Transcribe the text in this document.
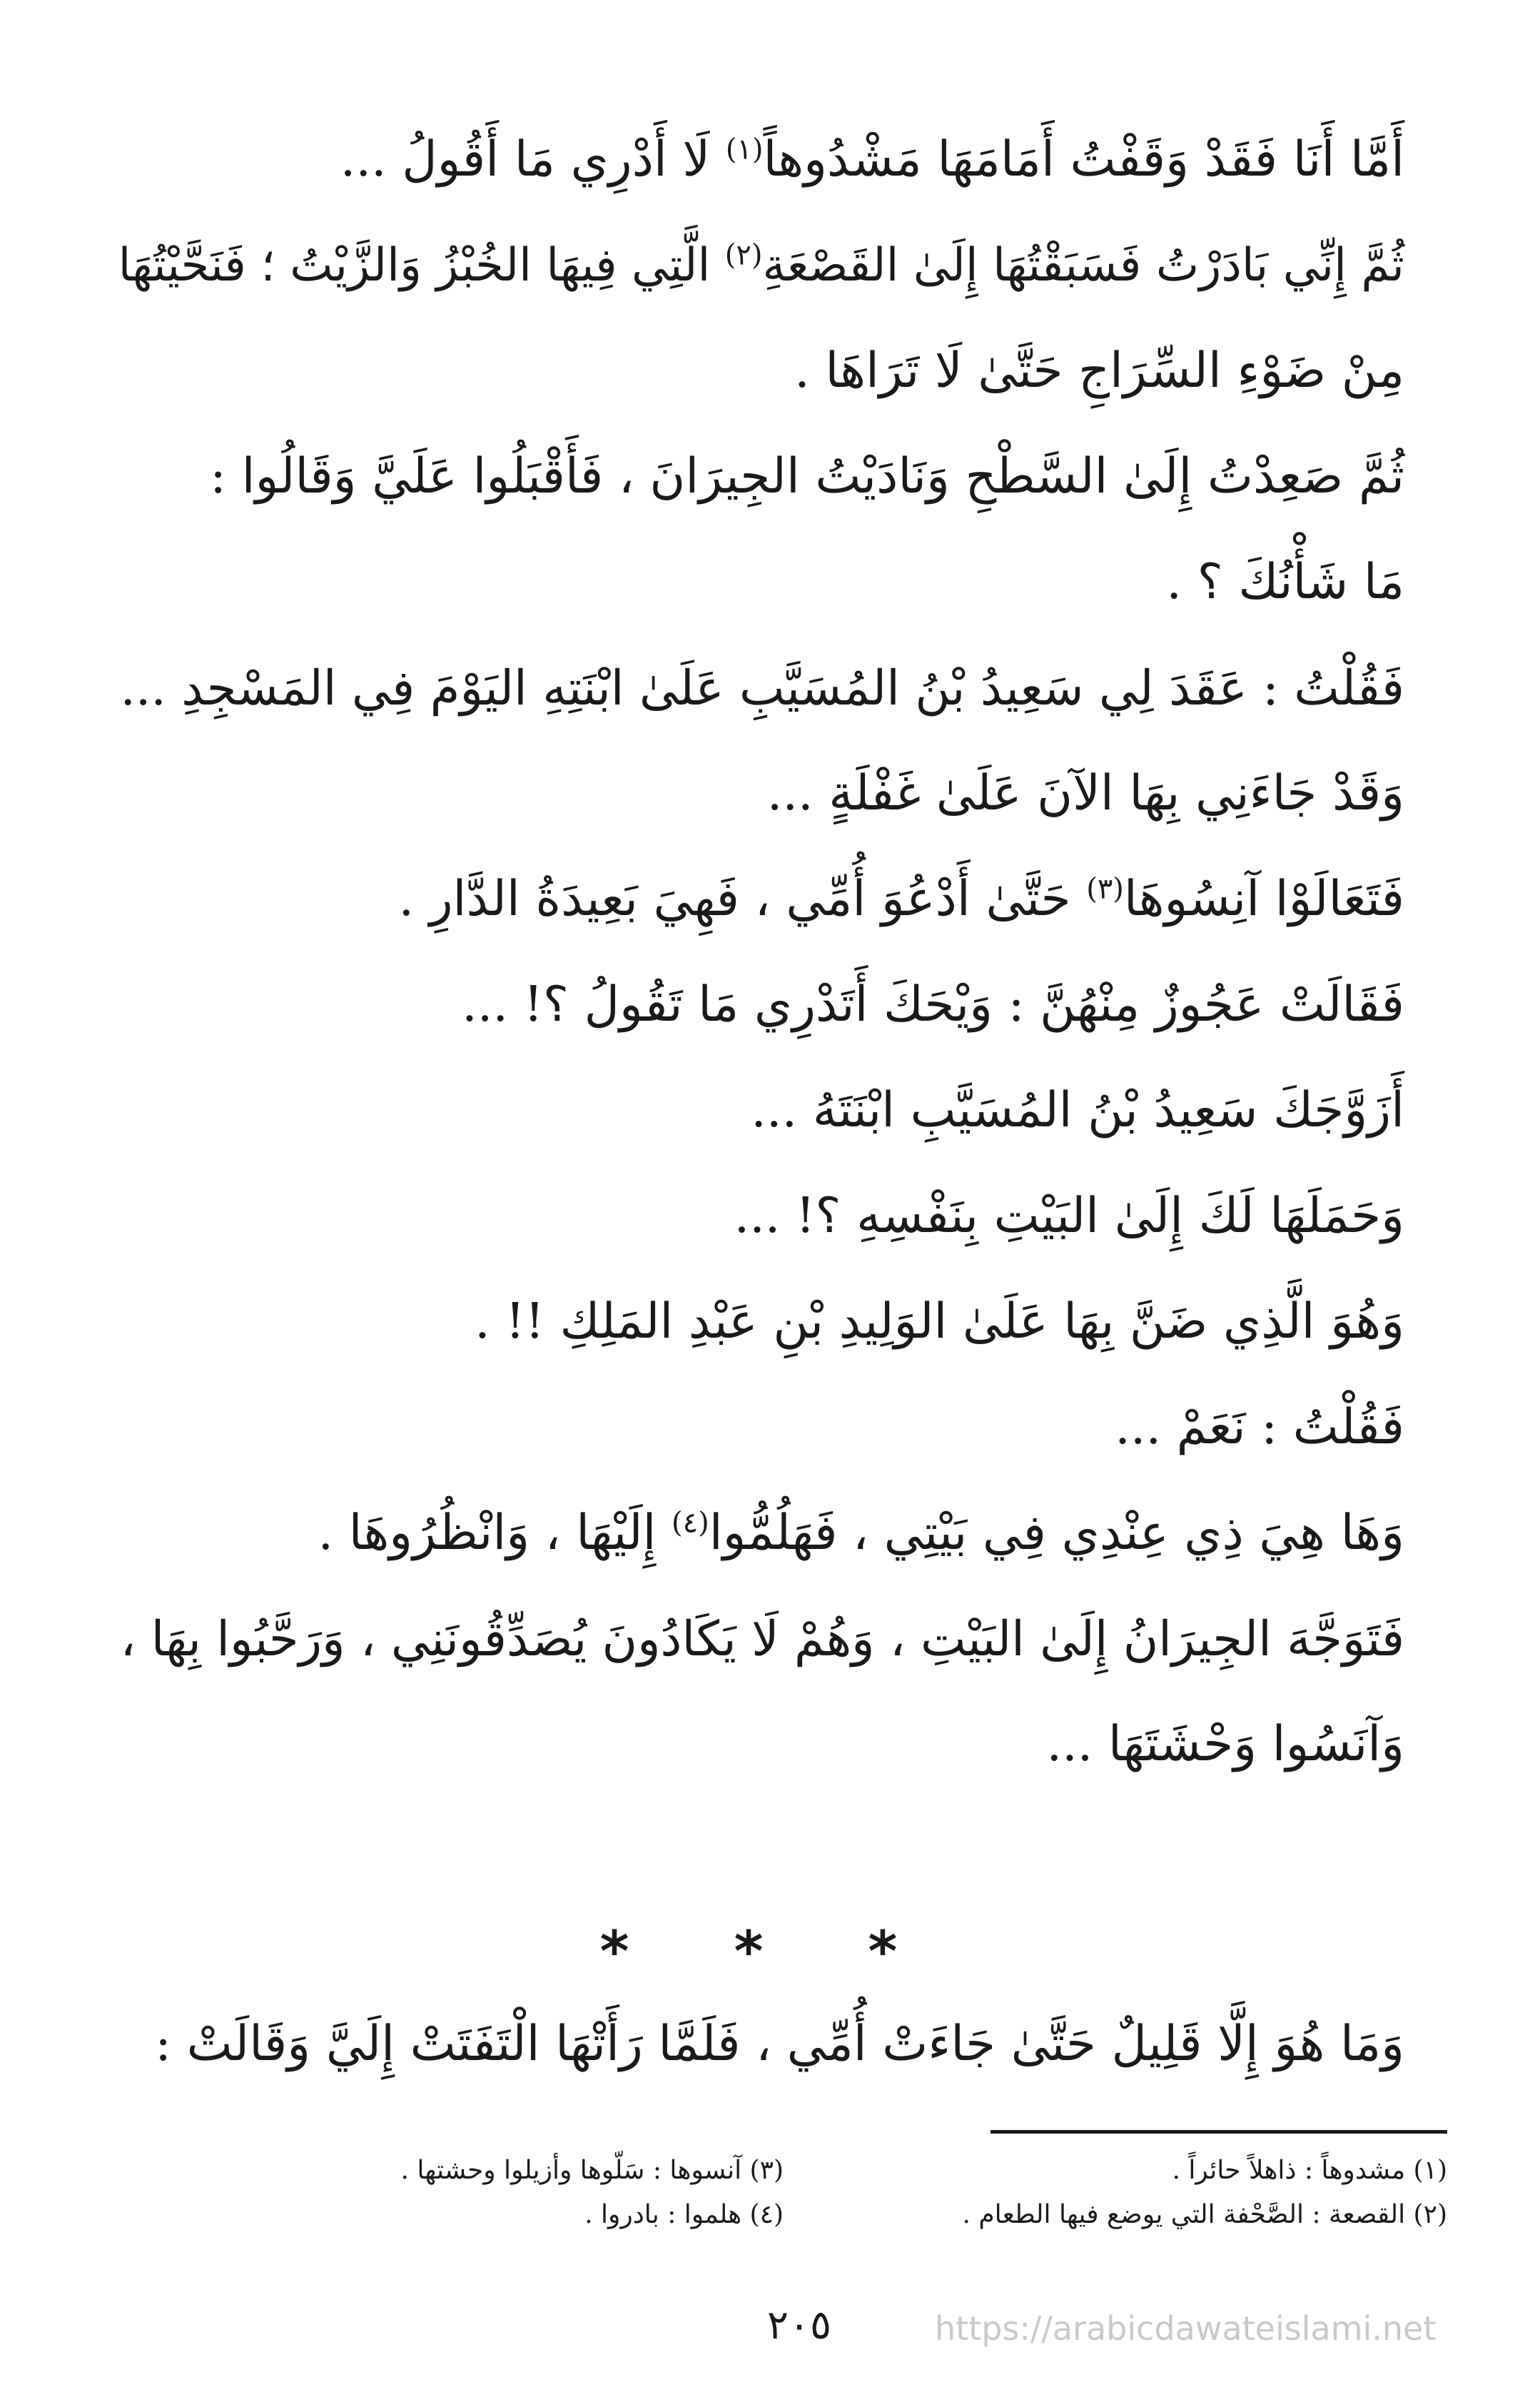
أَمَّا أَنَا فَقَدْ وَقَفْتُ أَمَامَهَا مَشْدُوهاً$^{(١)}$ لَا أَدْرِي مَا أَقُولُ ...
ثُمَّ إِنِّي بَادَرْتُ فَسَبَقْتُهَا إِلَىٰ القَصْعَةِ$^{(٢)}$ الَّتِي فِيهَا الخُبْزُ وَالزَّيْتُ ؛ فَنَحَّيْتُهَا
مِنْ ضَوْءِ السِّرَاجِ حَتَّىٰ لَا تَرَاهَا .
ثُمَّ صَعِدْتُ إِلَىٰ السَّطْحِ وَنَادَيْتُ الجِيرَانَ ، فَأَقْبَلُوا عَلَيَّ وَقَالُوا :
مَا شَأْنُكَ ؟ .
فَقُلْتُ : عَقَدَ لِي سَعِيدُ بْنُ المُسَيَّبِ عَلَىٰ ابْنَتِهِ اليَوْمَ فِي المَسْجِدِ ...
وَقَدْ جَاءَنِي بِهَا الآنَ عَلَىٰ غَفْلَةٍ ...
فَتَعَالَوْا آنِسُوهَا$^{(٣)}$ حَتَّىٰ أَدْعُوَ أُمِّي ، فَهِيَ بَعِيدَةُ الدَّارِ .
فَقَالَتْ عَجُوزٌ مِنْهُنَّ : وَيْحَكَ أَتَدْرِي مَا تَقُولُ ؟! ...
أَزَوَّجَكَ سَعِيدُ بْنُ المُسَيَّبِ ابْنَتَهُ ...
وَحَمَلَهَا لَكَ إِلَىٰ البَيْتِ بِنَفْسِهِ ؟! ...
وَهُوَ الَّذِي ضَنَّ بِهَا عَلَىٰ الوَلِيدِ بْنِ عَبْدِ المَلِكِ !! .
فَقُلْتُ : نَعَمْ ...
وَهَا هِيَ ذِي عِنْدِي فِي بَيْتِي ، فَهَلُمُّوا$^{(٤)}$ إِلَيْهَا ، وَانْظُرُوهَا .
فَتَوَجَّهَ الجِيرَانُ إِلَىٰ البَيْتِ ، وَهُمْ لَا يَكَادُونَ يُصَدِّقُونَنِي ، وَرَحَّبُوا بِهَا ،
وَآنَسُوا وَحْشَتَهَا ...
* * *
وَمَا هُوَ إِلَّا قَلِيلٌ حَتَّىٰ جَاءَتْ أُمِّي ، فَلَمَّا رَأَتْهَا الْتَفَتَتْ إِلَيَّ وَقَالَتْ :
(١) مشدوهاً : ذاهلاً حائراً .
(٣) آنسوها : سَلّوها وأزيلوا وحشتها .
(٢) القصعة : الصَّحْفة التي يوضع فيها الطعام .
(٤) هلموا : بادروا .
٢٠٥	https://arabicdawateislami.net
